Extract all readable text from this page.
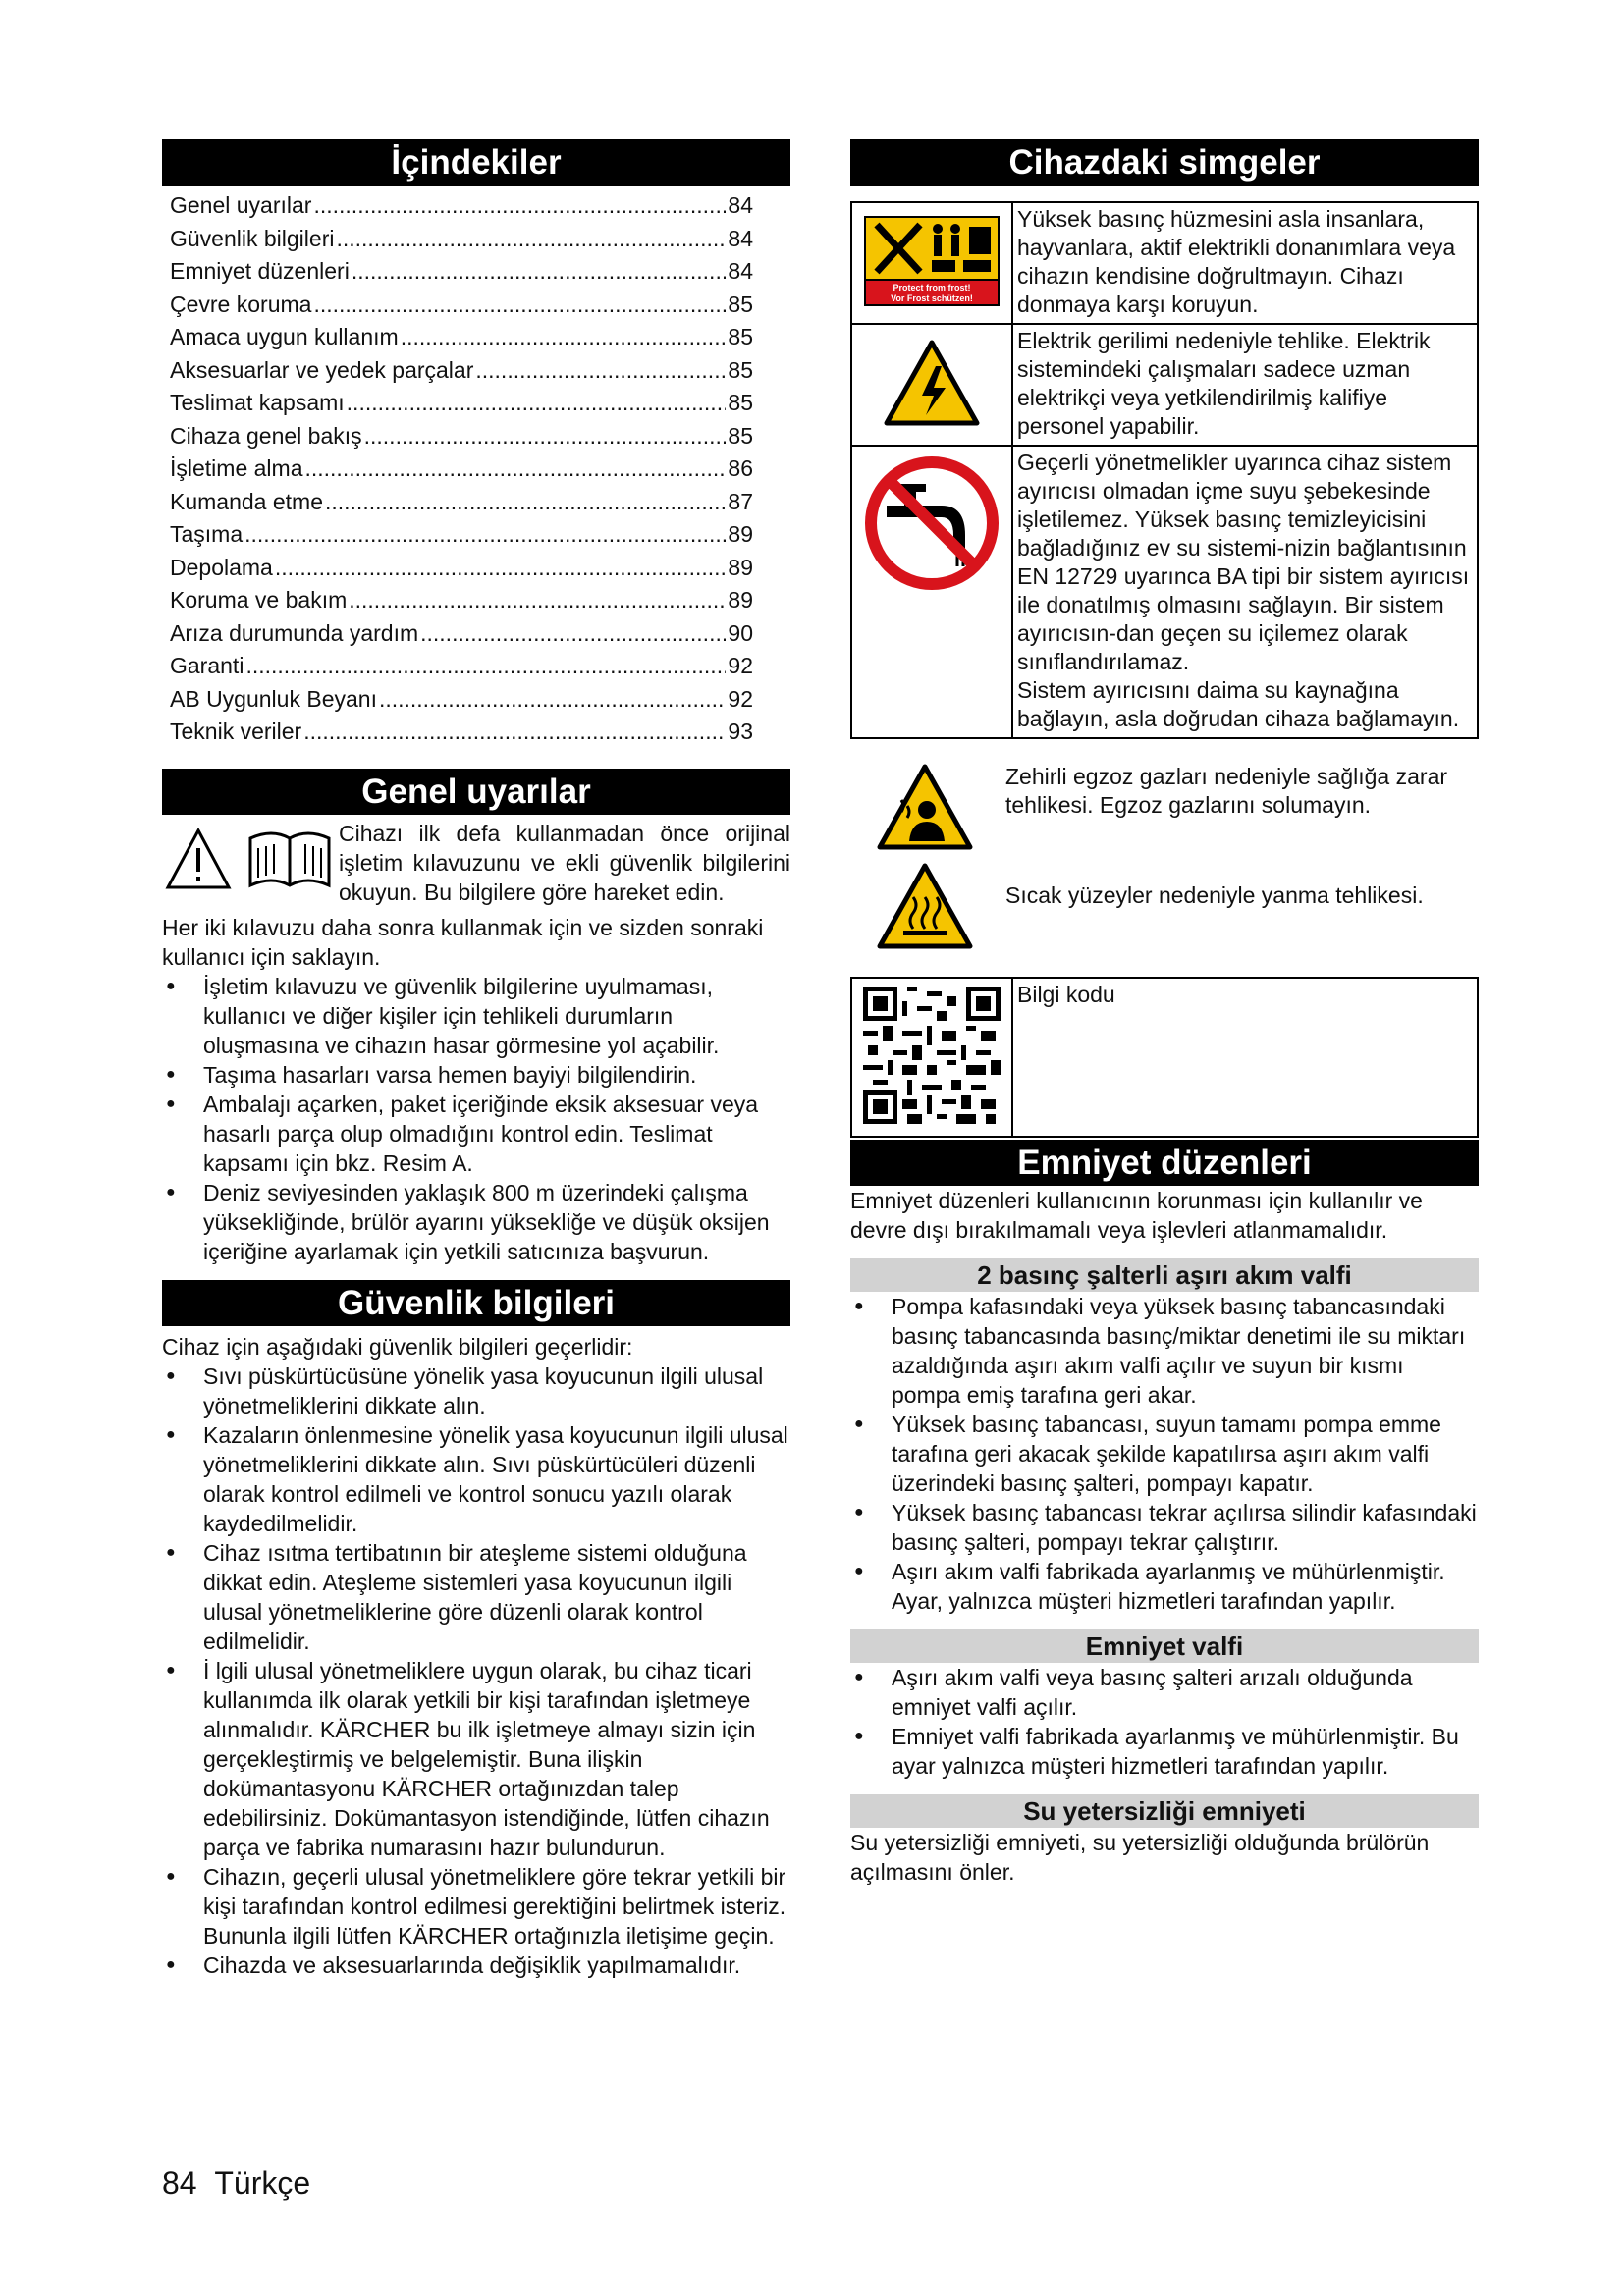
İçindekiler
Genel uyarılar .....	84
Güvenlik bilgileri .....	84
Emniyet düzenleri .....	84
Çevre koruma .....	85
Amaca uygun kullanım .....	85
Aksesuarlar ve yedek parçalar .....	85
Teslimat kapsamı .....	85
Cihaza genel bakış .....	85
İşletime alma .....	86
Kumanda etme .....	87
Taşıma .....	89
Depolama .....	89
Koruma ve bakım .....	89
Arıza durumunda yardım .....	90
Garanti .....	92
AB Uygunluk Beyanı .....	92
Teknik veriler .....	93
Genel uyarılar

Cihazı ilk defa kullanmadan önce orijinal işletim kılavuzunu ve ekli güvenlik bilgilerini okuyun. Bu bilgilere göre hareket edin.

Her iki kılavuzu daha sonra kullanmak için ve sizden sonraki kullanıcı için saklayın.

● İşletim kılavuzu ve güvenlik bilgilerine uyulmaması, kullanıcı ve diğer kişiler için tehlikeli durumların oluşmasına ve cihazın hasar görmesine yol açabilir.
● Taşıma hasarları varsa hemen bayiyi bilgilendirin.
● Ambalajı açarken, paket içeriğinde eksik aksesuar veya hasarlı parça olup olmadığını kontrol edin. Teslimat kapsamı için bkz. Resim A.
● Deniz seviyesinden yaklaşık 800 m üzerindeki çalışma yüksekliğinde, brülör ayarını yüksekliğe ve düşük oksijen içeriğine ayarlamak için yetkili satıcınıza başvurun.
Güvenlik bilgileri

Cihaz için aşağıdaki güvenlik bilgileri geçerlidir:

● Sıvı püskürtücüsüne yönelik yasa koyucunun ilgili ulusal yönetmeliklerini dikkate alın.
● Kazaların önlenmesine yönelik yasa koyucunun ilgili ulusal yönetmeliklerini dikkate alın. Sıvı püskürtücüleri düzenli olarak kontrol edilmeli ve kontrol sonucu yazılı olarak kaydedilmelidir.
● Cihaz ısıtma tertibatının bir ateşleme sistemi olduğuna dikkat edin. Ateşleme sistemleri yasa koyucunun ilgili ulusal yönetmeliklerine göre düzenli olarak kontrol edilmelidir.
● İ lgili ulusal yönetmeliklere uygun olarak, bu cihaz ticari kullanımda ilk olarak yetkili bir kişi tarafından işletmeye alınmalıdır. KÄRCHER bu ilk işletmeye almayı sizin için gerçekleştirmiş ve belgelemiştir. Buna ilişkin dokümantasyonu KÄRCHER ortağınızdan talep edebilirsiniz. Dokümantasyon istendiğinde, lütfen cihazın parça ve fabrika numarasını hazır bulundurun.
● Cihazın, geçerli ulusal yönetmeliklere göre tekrar yetkili bir kişi tarafından kontrol edilmesi gerektiğini belirtmek isteriz. Bununla ilgili lütfen KÄRCHER ortağınızla iletişime geçin.
● Cihazda ve aksesuarlarında değişiklik yapılmamalıdır.
Cihazdaki simgeler
Protect from frost!
Vor Frost schützen!	Yüksek basınç hüzmesini asla insanlara, hayvanlara, aktif elektrikli donanımlara veya cihazın kendisine doğrultmayın. Cihazı donmaya karşı koruyun.
	Elektrik gerilimi nedeniyle tehlike. Elektrik sistemindeki çalışmaları sadece uzman elektrikçi veya yetkilendirilmiş kalifiye personel yapabilir.

Geçerli yönetmelikler uyarınca cihaz sistem ayırıcısı olmadan içme suyu şebekesinde işletilemez. Yüksek basınç temizleyicisini bağladığınız ev su sistemi-nizin bağlantısının EN 12729 uyarınca BA tipi bir sistem ayırıcısı ile donatılmış olmasını sağlayın. Bir sistem ayırıcısın-dan geçen su içilemez olarak sınıflandırılamaz.
Sistem ayırıcısını daima su kaynağına bağlayın, asla doğrudan cihaza bağlamayın.
Zehirli egzoz gazları nedeniyle sağlığa zarar tehlikesi. Egzoz gazlarını solumayın.
Sıcak yüzeyler nedeniyle yanma tehlikesi.
	Bilgi kodu
Emniyet düzenleri

Emniyet düzenleri kullanıcının korunması için kullanılır ve devre dışı bırakılmamalı veya işlevleri atlanmamalıdır.

2 basınç şalterli aşırı akım valfi
● Pompa kafasındaki veya yüksek basınç tabancasındaki basınç tabancasında basınç/miktar denetimi ile su miktarı azaldığında aşırı akım valfi açılır ve suyun bir kısmı pompa emiş tarafına geri akar.
● Yüksek basınç tabancası, suyun tamamı pompa emme tarafına geri akacak şekilde kapatılırsa aşırı akım valfi üzerindeki basınç şalteri, pompayı kapatır.
● Yüksek basınç tabancası tekrar açılırsa silindir kafasındaki basınç şalteri, pompayı tekrar çalıştırır.
● Aşırı akım valfi fabrikada ayarlanmış ve mühürlenmiştir. Ayar, yalnızca müşteri hizmetleri tarafından yapılır.
Emniyet valfi
● Aşırı akım valfi veya basınç şalteri arızalı olduğunda emniyet valfi açılır.
● Emniyet valfi fabrikada ayarlanmış ve mühürlenmiştir. Bu ayar yalnızca müşteri hizmetleri tarafından yapılır.
Su yetersizliği emniyeti

Su yetersizliği emniyeti, su yetersizliği olduğunda brülörün açılmasını önler.

84 Türkçe
